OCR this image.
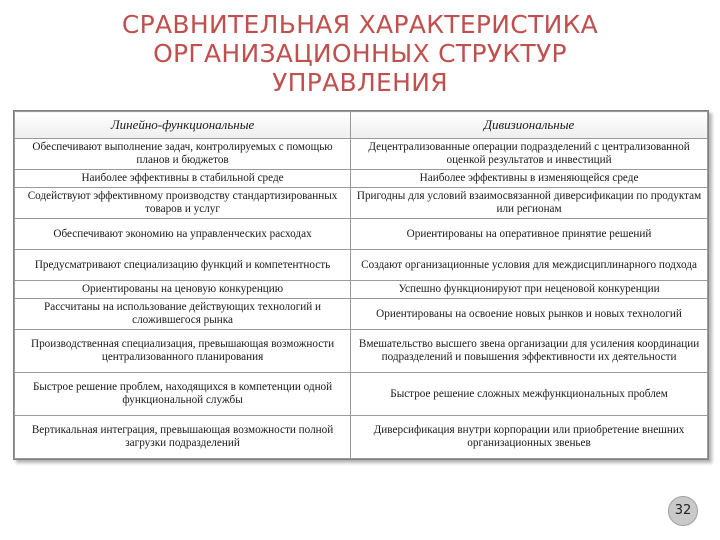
СРАВНИТЕЛЬНАЯ ХАРАКТЕРИСТИКА
ОРГАНИЗАЦИОННЫХ СТРУКТУР
УПРАВЛЕНИЯ
Линейно-функциональные	Дивизиональные
Обеспечивают выполнение задач, контролируемых с помощью планов и бюджетов	Децентрализованные операции подразделений с централизованной оценкой результатов и инвестиций
Наиболее эффективны в стабильной среде	Наиболее эффективны в изменяющейся среде
Содействуют эффективному производству стандартизированных товаров и услуг	Пригодны для условий взаимосвязанной диверсификации по продуктам или регионам
Обеспечивают экономию на управленческих расходах	Ориентированы на оперативное принятие решений
Предусматривают специализацию функций и компетентность	Создают организационные условия для междисциплинарного подхода
Ориентированы на ценовую конкуренцию	Успешно функционируют при неценовой конкуренции
Рассчитаны на использование действующих технологий и сложившегося рынка	Ориентированы на освоение новых рынков и новых технологий
Производственная специализация, превышающая возможности централизованного планирования	Вмешательство высшего звена организации для усиления координации подразделений и повышения эффективности их деятельности
Быстрое решение проблем, находящихся в компетенции одной функциональной службы	Быстрое решение сложных межфункциональных проблем
Вертикальная интеграция, превышающая возможности полной загрузки подразделений	Диверсификация внутри корпорации или приобретение внешних организационных звеньев
32
